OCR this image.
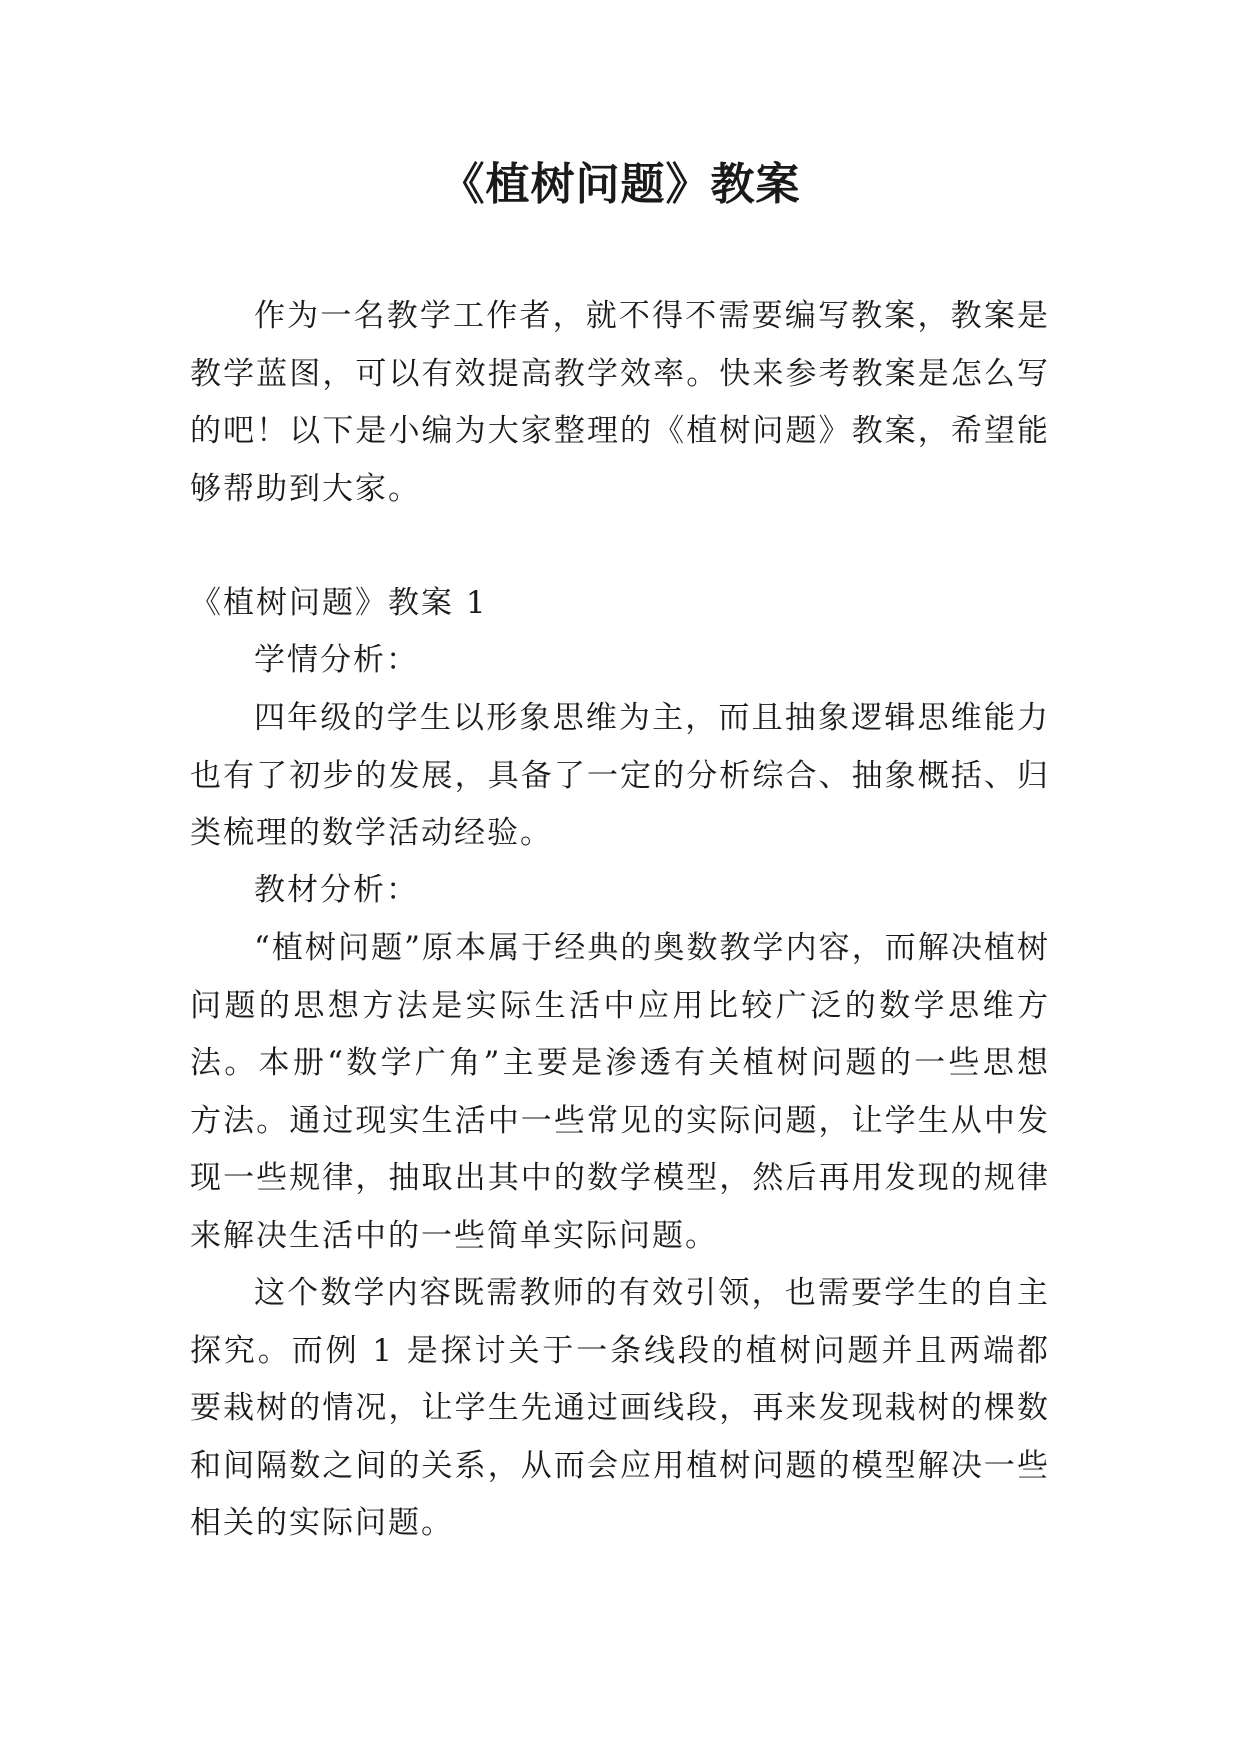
《植树问题》教案

作为一名教学工作者，就不得不需要编写教案，教案是教学蓝图，可以有效提高教学效率。快来参考教案是怎么写的吧！以下是小编为大家整理的《植树问题》教案，希望能够帮助到大家。

《植树问题》教案 1

学情分析：

四年级的学生以形象思维为主，而且抽象逻辑思维能力也有了初步的发展，具备了一定的分析综合、抽象概括、归类梳理的数学活动经验。

教材分析：

“植树问题”原本属于经典的奥数教学内容，而解决植树问题的思想方法是实际生活中应用比较广泛的数学思维方法。本册“数学广角”主要是渗透有关植树问题的一些思想方法。通过现实生活中一些常见的实际问题，让学生从中发现一些规律，抽取出其中的数学模型，然后再用发现的规律来解决生活中的一些简单实际问题。

这个数学内容既需教师的有效引领，也需要学生的自主探究。而例 1 是探讨关于一条线段的植树问题并且两端都要栽树的情况，让学生先通过画线段，再来发现栽树的棵数和间隔数之间的关系，从而会应用植树问题的模型解决一些相关的实际问题。
